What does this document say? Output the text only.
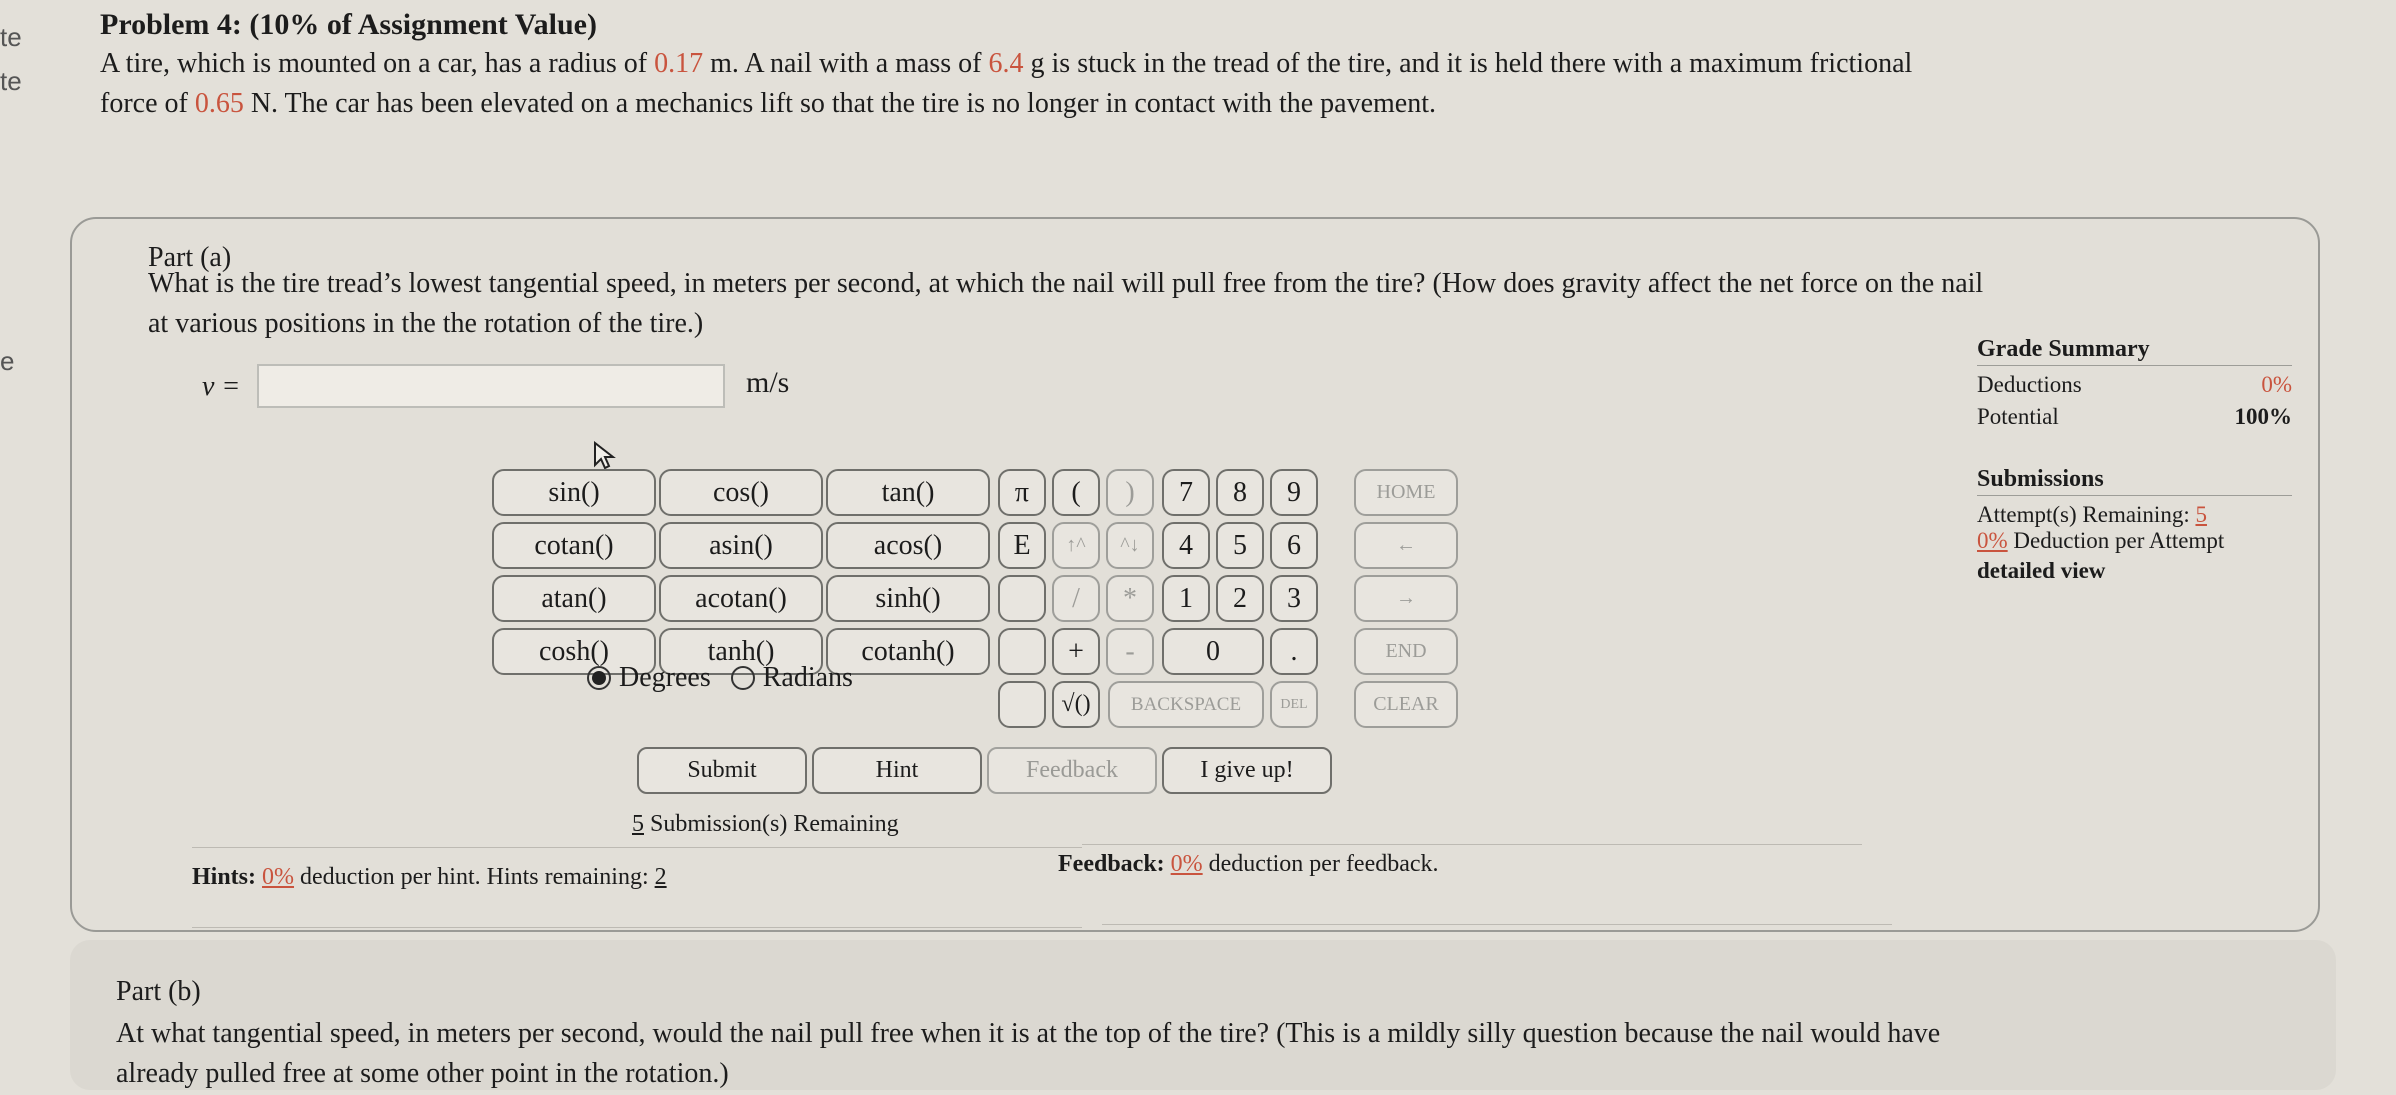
te
te
e
Problem 4: (10% of Assignment Value)

A tire, which is mounted on a car, has a radius of 0.17 m. A nail with a mass of 6.4 g is stuck in the tread of the tire, and it is held there with a maximum frictional
force of 0.65 N. The car has been elevated on a mechanics lift so that the tire is no longer in contact with the pavement.

Part (a)
What is the tire tread’s lowest tangential speed, in meters per second, at which the nail will pull free from the tire? (How does gravity affect the net force on the nail
at various positions in the the rotation of the tire.)
v =	m/s
sin()	cos()	tan()
cotan()	asin()	acos()
atan()	acotan()	sinh()
cosh()	tanh()	cotanh()
π	(	)
E	↑^	^↓
/	*
+	-
√()
7	8	9
4	5	6
1	2	3
0	.
BACKSPACE	DEL
HOME
←
→
END
CLEAR
Degrees Radians
Submit	Hint	Feedback	I give up!
5 Submission(s) Remaining
Hints: 0% deduction per hint. Hints remaining: 2	Feedback: 0% deduction per feedback.
Grade Summary
Deductions	0%
Potential	100%
Submissions
Attempt(s) Remaining: 5
0% Deduction per Attempt
detailed view
Part (b)
At what tangential speed, in meters per second, would the nail pull free when it is at the top of the tire? (This is a mildly silly question because the nail would have
already pulled free at some other point in the rotation.)
